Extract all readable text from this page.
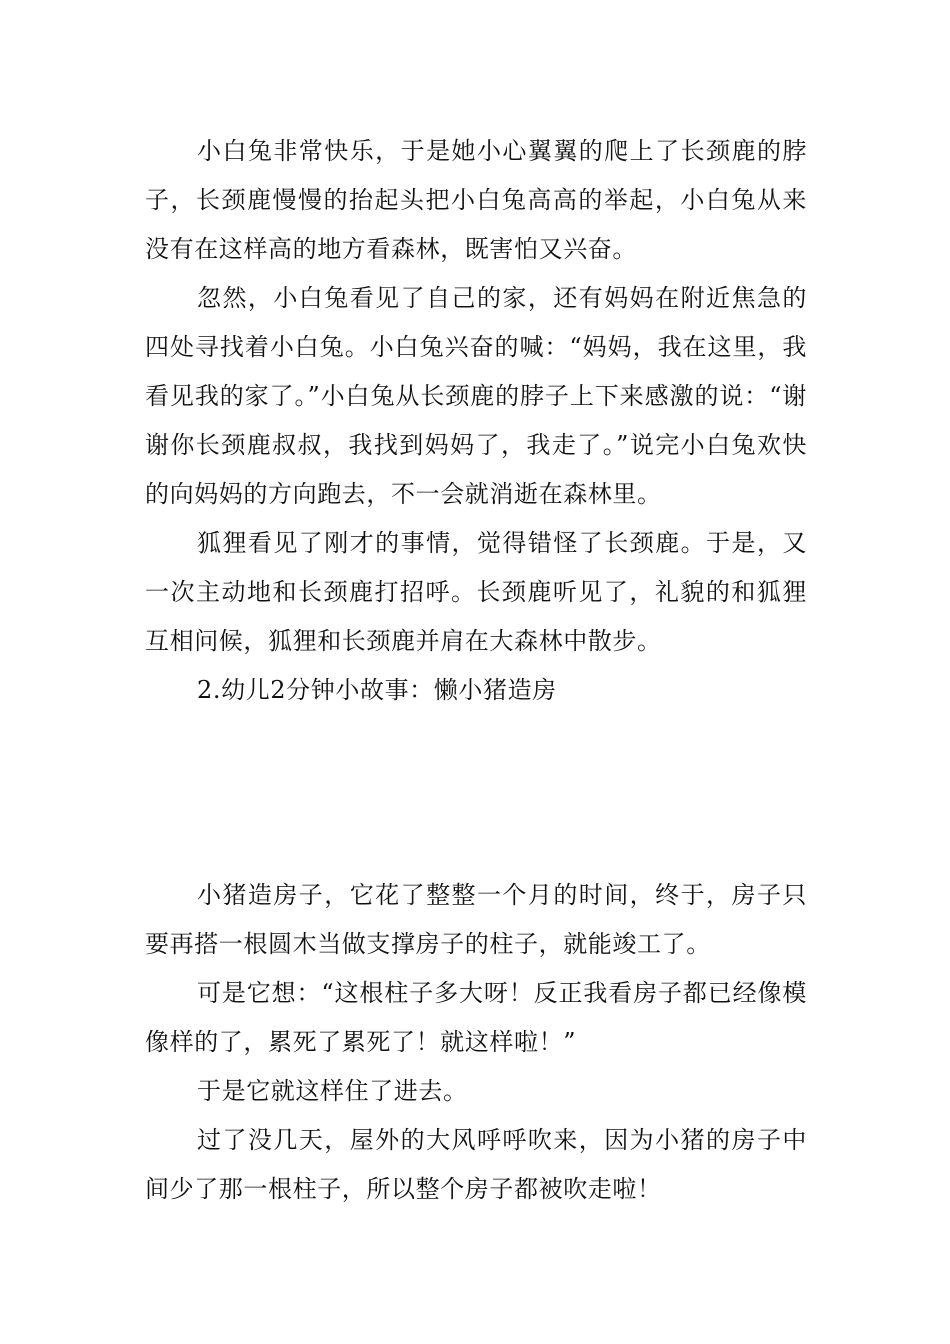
小白兔非常快乐，于是她小心翼翼的爬上了长颈鹿的脖子，长颈鹿慢慢的抬起头把小白兔高高的举起，小白兔从来没有在这样高的地方看森林，既害怕又兴奋。

忽然，小白兔看见了自己的家，还有妈妈在附近焦急的四处寻找着小白兔。小白兔兴奋的喊：“妈妈，我在这里，我看见我的家了。”小白兔从长颈鹿的脖子上下来感激的说：“谢谢你长颈鹿叔叔，我找到妈妈了，我走了。”说完小白兔欢快的向妈妈的方向跑去，不一会就消逝在森林里。

狐狸看见了刚才的事情，觉得错怪了长颈鹿。于是，又一次主动地和长颈鹿打招呼。长颈鹿听见了，礼貌的和狐狸互相问候，狐狸和长颈鹿并肩在大森林中散步。

2.幼儿2分钟小故事：懒小猪造房

小猪造房子，它花了整整一个月的时间，终于，房子只要再搭一根圆木当做支撑房子的柱子，就能竣工了。

可是它想：“这根柱子多大呀！反正我看房子都已经像模像样的了，累死了累死了！就这样啦！”

于是它就这样住了进去。

过了没几天，屋外的大风呼呼吹来，因为小猪的房子中间少了那一根柱子，所以整个房子都被吹走啦！
